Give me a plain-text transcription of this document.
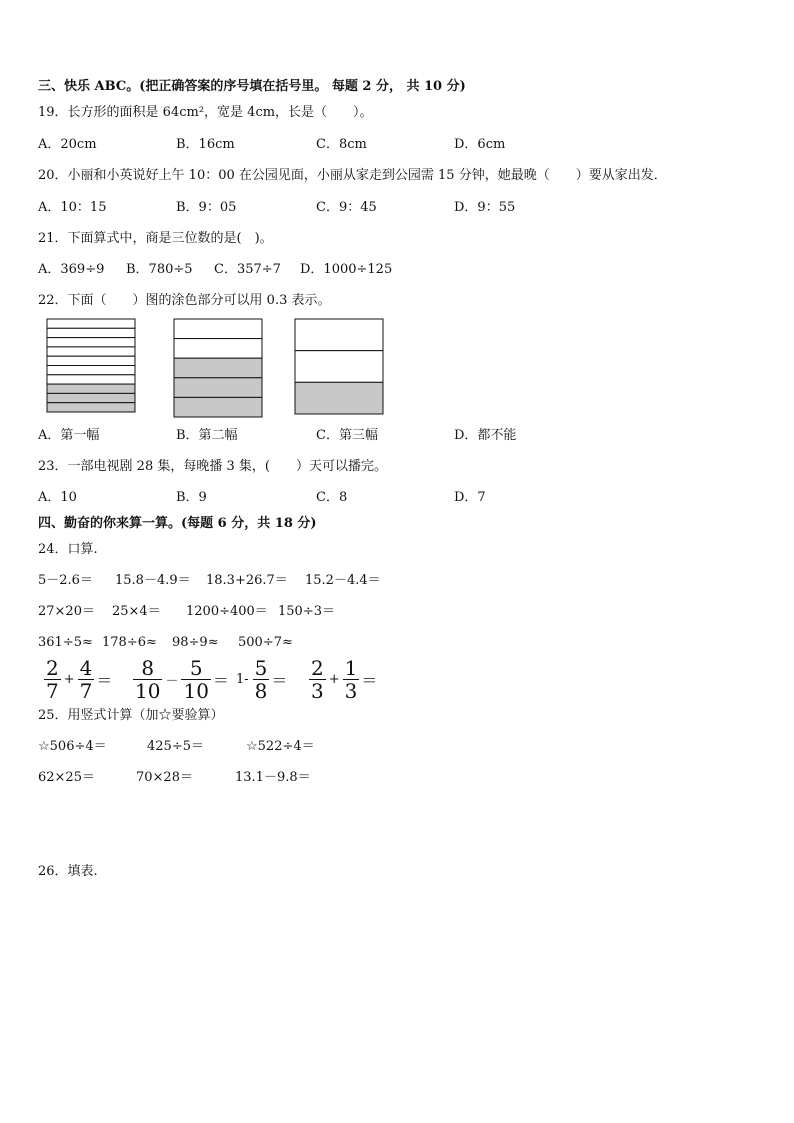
三、快乐 ABC。(把正确答案的序号填在括号里。 每题 2 分， 共 10 分)
19．长方形的面积是 64cm²，宽是 4cm，长是（　　）。
A．20cm	B．16cm	C．8cm	D．6cm
20．小丽和小英说好上午 10：00 在公园见面，小丽从家走到公园需 15 分钟，她最晚（　　）要从家出发．
A．10：15	B．9：05	C．9：45	D．9：55
21．下面算式中，商是三位数的是(　)。
A．369÷9 B．780÷5 C．357÷7 D．1000÷125
22．下面（　　）图的涂色部分可以用 0.3 表示。
A．第一幅	B．第二幅	C．第三幅	D．都不能
23．一部电视剧 28 集，每晚播 3 集，(　　）天可以播完。
A．10	B．9	C．8	D．7
四、勤奋的你来算一算。(每题 6 分，共 18 分)
24．口算.
5－2.6＝ 15.8－4.9＝ 18.3+26.7＝ 15.2－4.4＝
27×20＝ 25×4＝ 1200÷400＝ 150÷3＝
361÷5≈ 178÷6≈ 98÷9≈ 500÷7≈
2
7 + 4
7 ＝
8
10 －
5
10 ＝ 1- 5
8 ＝
2
3 + 1
3 ＝
25．用竖式计算（加☆要验算）
☆506÷4＝	425÷5＝	☆522÷4＝
62×25＝	70×28＝	13.1－9.8＝
26．填表.
